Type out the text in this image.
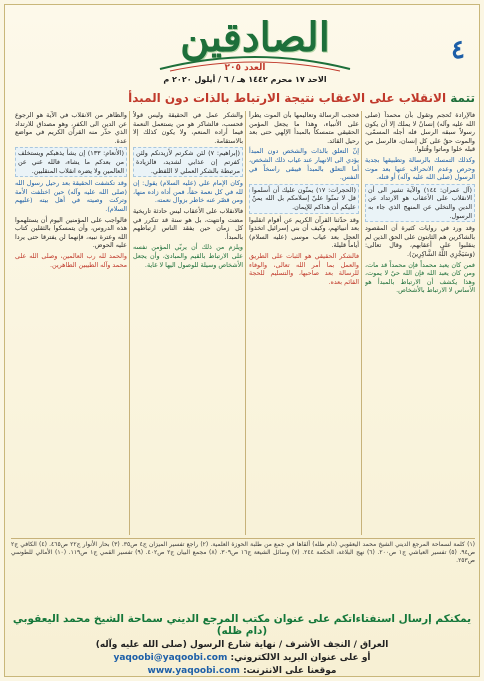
٤
الصادقين
العدد ٢٠٥
الاحد ١٧ محرم ١٤٤٢ هـ / ٦ / أيلول ٢٠٢٠ م
تتمة الانقلاب على الاعقاب نتيجة الارتباط بالذات دون المبدأ

فالإرادة تُحجم وتقول بأن محمداً (صلى الله عليه وآله) إنسانٌ لا يملك إلا أن يكون رسولاً سبقه الرسل فله أجله المسمّى، والموت حقٌ على كل إنسان، فالرسل من قبله خلوا وماتوا وقُتلوا.

وكذلك التمسك بالرسالة وتطبيقها بجدية وحرص وعدم الانحراف عنها بعد موت الرسول (صلى الله عليه وآله) أو قتله.

(آل عمران: ١٤٤) والآية تشير الى أن الانقلاب على الأعقاب هو الارتداد عن الدين والتخلي عن المنهج الذي جاء به الرسول.

وقد ورد في روايات كثيرة أن المقصود بالشاكرين هم الثابتون على الحق الذين لم ينقلبوا على أعقابهم، وقال تعالى: (وَسَيَجْزِي اللَّهُ الشَّاكِرِينَ).

فمن كان يعبد محمداً فإن محمداً قد مات، ومن كان يعبد الله فإن الله حيٌ لا يموت، وهذا يكشف أن الارتباط بالمبدأ هو الأساس لا الارتباط بالأشخاص.

فحجب الرسالة وتعاليمها بأن الموت يطرأ على الأنبياء، وهذا ما يجعل المؤمن الحقيقي متمسكاً بالمبدأ الإلهي حتى بعد رحيل القائد.

إنّ التعلق بالذات والشخص دون المبدأ يؤدي الى الانهيار عند غياب ذلك الشخص، أما التعلق بالمبدأ فيبقى راسخاً في النفس.

(الحجرات: ١٧) يمنّون عليك أن أسلموا قل لا تمنّوا عليّ إسلامكم بل الله يمنّ عليكم أن هداكم للإيمان.

وقد حدّثنا القرآن الكريم عن أقوام انقلبوا بعد أنبيائهم، وكيف أن بني إسرائيل اتخذوا العجل بعد غياب موسى (عليه السلام) أياماً قليلة.

فالشكر الحقيقي هو الثبات على الطريق والعمل بما أمر الله تعالى، والوفاء للرسالة بعد صاحبها، والتسليم للحجة القائم بعده.

والشكر عمل في الحقيقة وليس قولاً فحسب، فالشاكر هو من يستعمل النعمة فيما أراده المنعم، ولا يكون كذلك إلا بالاستقامة.

(إبراهيم: ٧) لئن شكرتم لأزيدنكم ولئن كفرتم إن عذابي لشديد، فالزيادة مرتبطة بالشكر العملي لا اللفظي.

وكان الإمام علي (عليه السلام) يقول: إن لله في كل نعمة حقاً، فمن أداه زاده منها، ومن قصّر عنه خاطر بزوال نعمته.

فالانقلاب على الأعقاب ليس حادثة تاريخية مضت وانتهت، بل هو سنة قد تتكرر في كل زمان حين يفقد الناس ارتباطهم بالمبدأ.

ويلزم من ذلك أن يربّي المؤمن نفسه على الارتباط بالقيم والمبادئ، وأن يجعل الأشخاص وسيلة للوصول اليها لا غاية.

والظاهر من الانقلاب في الآية هو الرجوع عن الدين الى الكفر، وهو مصداق للارتداد الذي حذّر منه القرآن الكريم في مواضع عدة.

(الأنعام: ١٣٣) إن يشأ يذهبكم ويستخلف من بعدكم ما يشاء، فالله غني عن العالمين ولا يضره انقلاب المنقلبين.

وقد تكشفت الحقيقة بعد رحيل رسول الله (صلى الله عليه وآله) حين اختلفت الأمة وتركت وصيته في أهل بيته (عليهم السلام).

فالواجب على المؤمنين اليوم أن يستلهموا هذه الدروس، وأن يتمسكوا بالثقلين كتاب الله وعترة نبيه، فإنهما لن يفترقا حتى يردا عليه الحوض.

والحمد لله رب العالمين، وصلى الله على محمد وآله الطيبين الطاهرين.

(١) كلمة لسماحة المرجع الديني الشيخ محمد اليعقوبي (دام ظله) ألقاها في جمع من طلبة الحوزة العلمية. (٢) راجع تفسير الميزان ج٤ ص٣٥. (٣) بحار الأنوار ج٢٢ ص٤٦٥. (٤) الكافي ج٢ ص٩٤. (٥) تفسير العياشي ج١ ص٢٠٠. (٦) نهج البلاغة، الحكمة ٢٤٤. (٧) وسائل الشيعة ج١٦ ص٣٠٩. (٨) مجمع البيان ج٢ ص٤٠٢. (٩) تفسير القمي ج١ ص١١٩. (١٠) الأمالي للطوسي ص٢٥٣.
يمكنكم إرسال استفتاءاتكم على عنوان مكتب المرجع الديني سماحة الشيخ محمد اليعقوبي (دام ظله)
العراق / النجف الأشرف / نهاية شارع الرسول (صلى الله عليه وآله)
أو على عنوان البريد الالكتروني: yaqoobi@yaqoobi.com
موقعنا على الانترنت: www.yaqoobi.com
